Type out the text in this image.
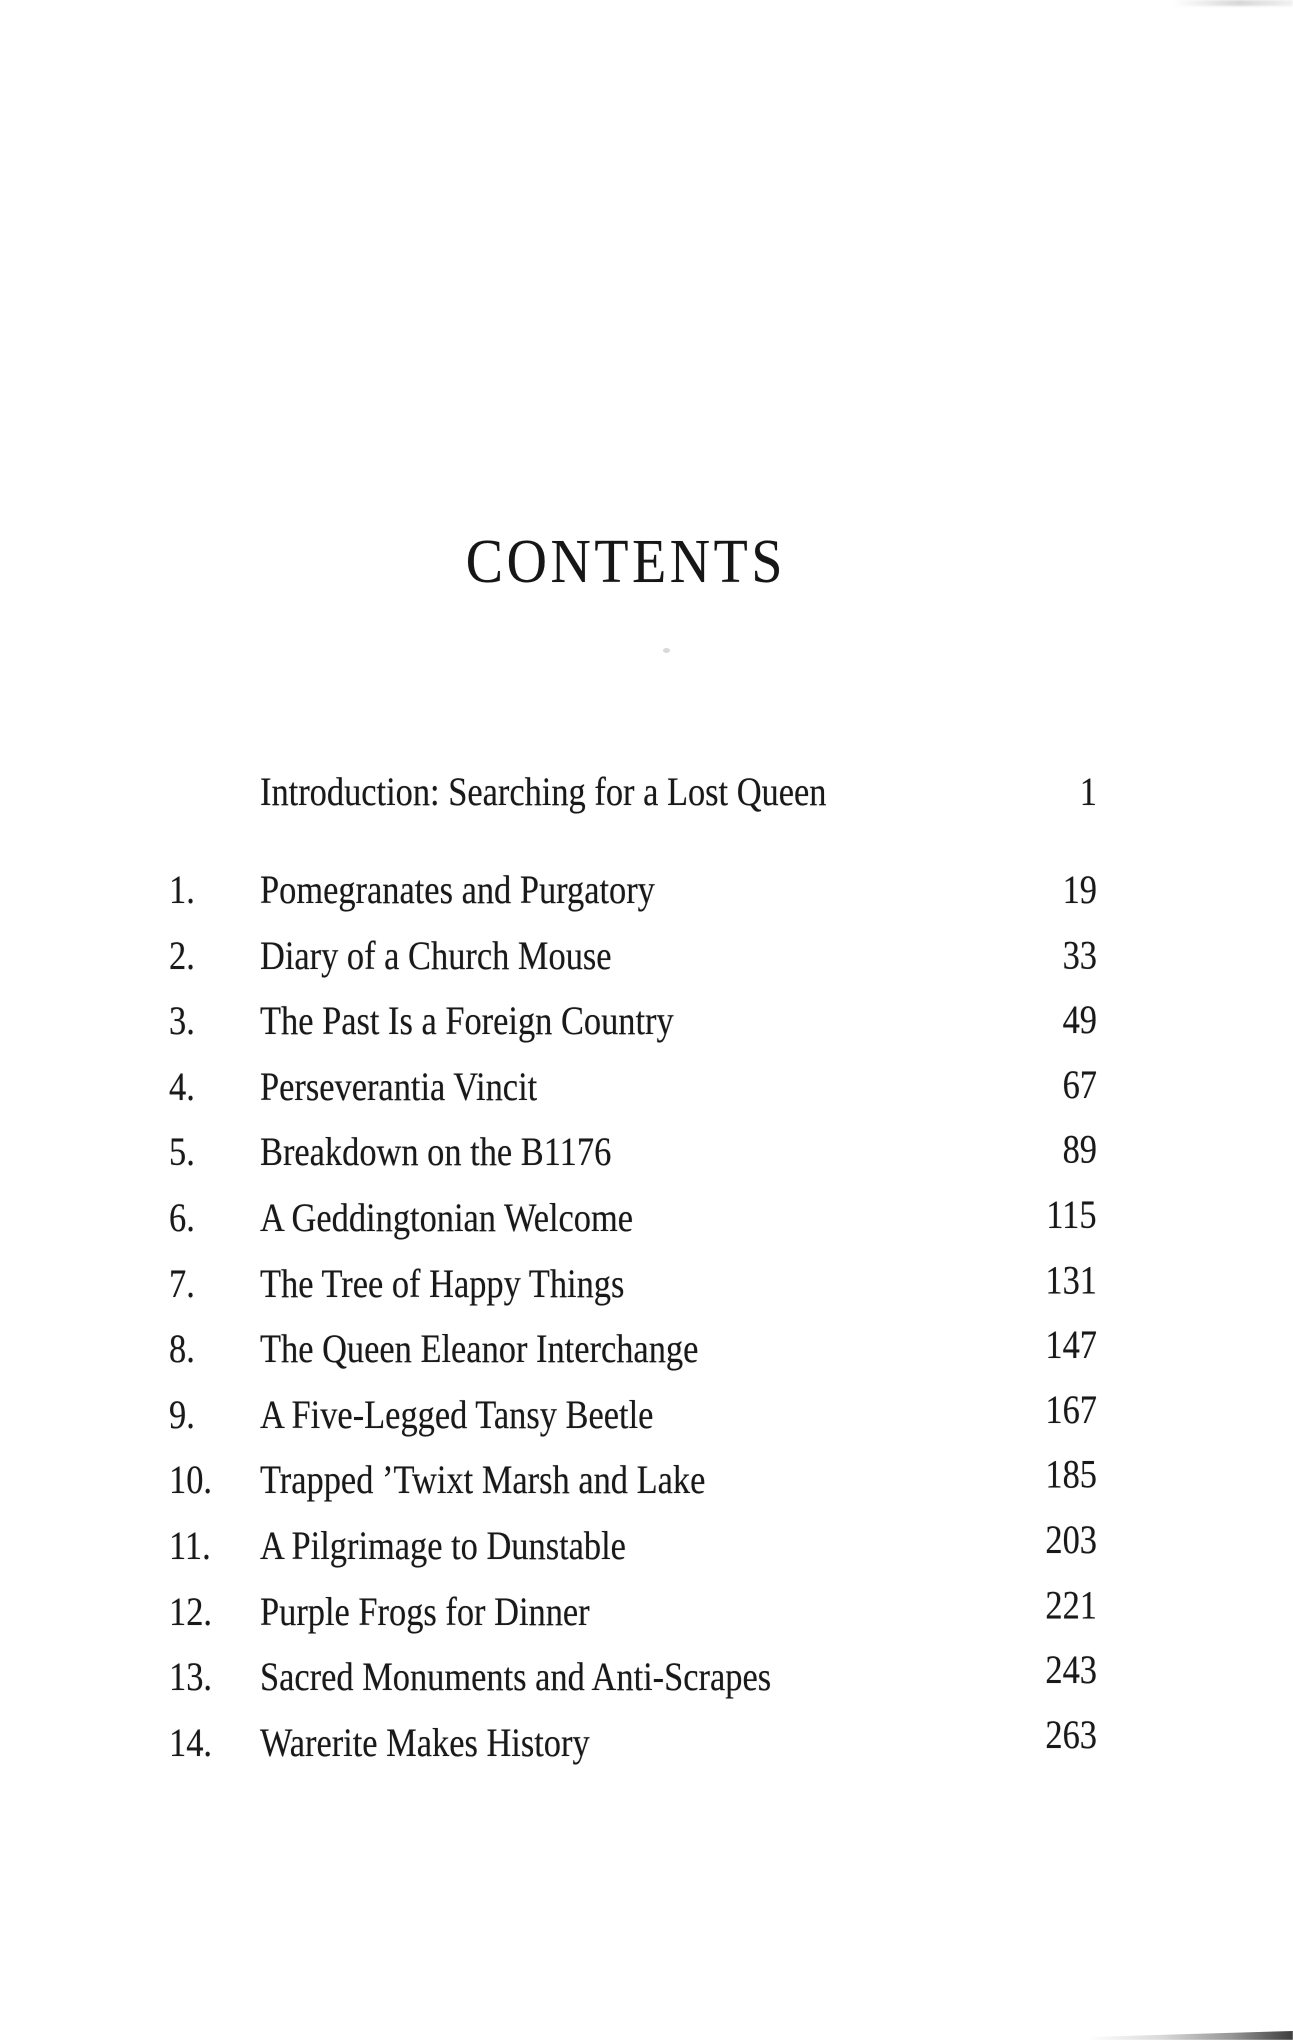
CONTENTS
Introduction: Searching for a Lost Queen	1
1. Pomegranates and Purgatory	19
2. Diary of a Church Mouse	33
3. The Past Is a Foreign Country	49
4. Perseverantia Vincit	67
5. Breakdown on the B1176	89
6. A Geddingtonian Welcome	115
7. The Tree of Happy Things	131
8. The Queen Eleanor Interchange	147
9. A Five-Legged Tansy Beetle	167
10. Trapped ’Twixt Marsh and Lake	185
11. A Pilgrimage to Dunstable	203
12. Purple Frogs for Dinner	221
13. Sacred Monuments and Anti-Scrapes	243
14. Warerite Makes History	263
